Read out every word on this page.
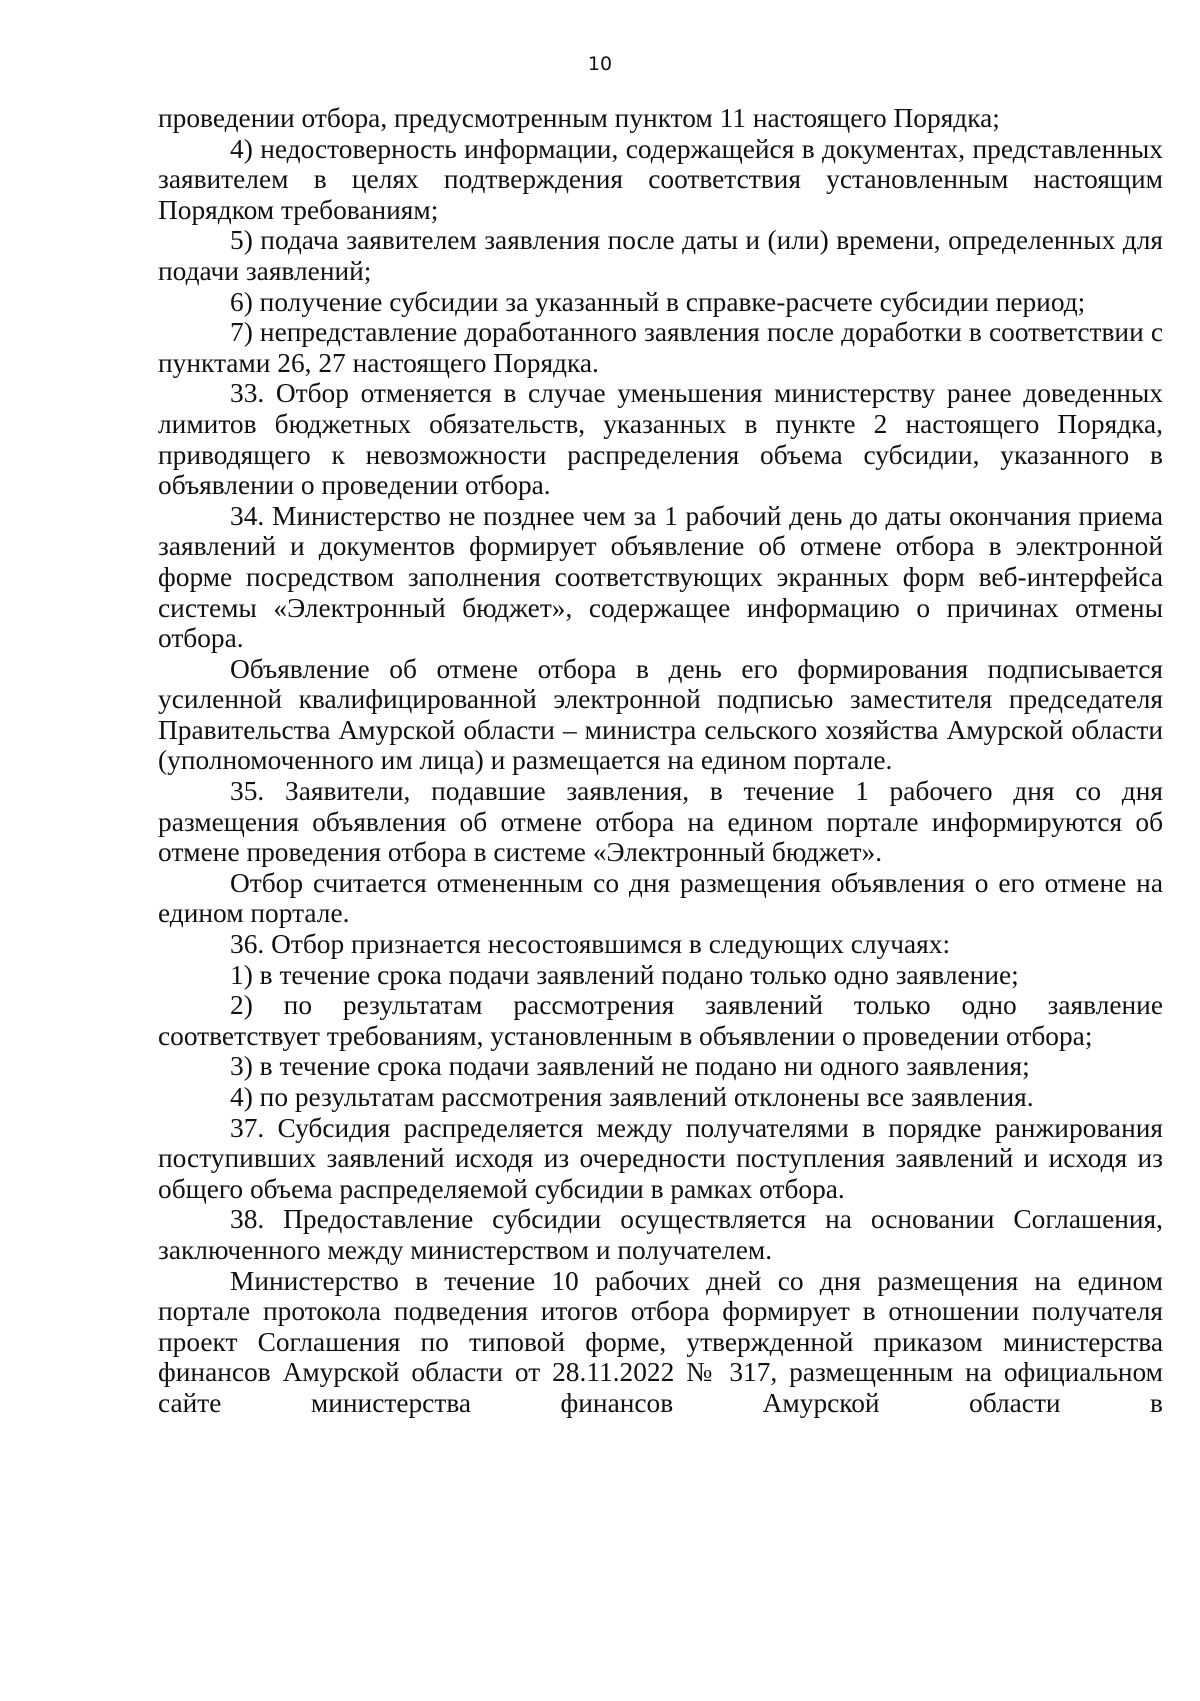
10

проведении отбора, предусмотренным пунктом 11 настоящего Порядка;

4) недостоверность информации, содержащейся в документах, представленных заявителем в целях подтверждения соответствия установленным настоящим Порядком требованиям;

5) подача заявителем заявления после даты и (или) времени, определенных для подачи заявлений;

6) получение субсидии за указанный в справке-расчете субсидии период;

7) непредставление доработанного заявления после доработки в соответствии с пунктами 26, 27 настоящего Порядка.

33. Отбор отменяется в случае уменьшения министерству ранее доведенных лимитов бюджетных обязательств, указанных в пункте 2 настоящего Порядка, приводящего к невозможности распределения объема субсидии, указанного в объявлении о проведении отбора.

34. Министерство не позднее чем за 1 рабочий день до даты окончания приема заявлений и документов формирует объявление об отмене отбора в электронной форме посредством заполнения соответствующих экранных форм веб-интерфейса системы «Электронный бюджет», содержащее информацию о причинах отмены отбора.

Объявление об отмене отбора в день его формирования подписывается усиленной квалифицированной электронной подписью заместителя председателя Правительства Амурской области – министра сельского хозяйства Амурской области (уполномоченного им лица) и размещается на едином портале.

35. Заявители, подавшие заявления, в течение 1 рабочего дня со дня размещения объявления об отмене отбора на едином портале информируются об отмене проведения отбора в системе «Электронный бюджет».

Отбор считается отмененным со дня размещения объявления о его отмене на едином портале.

36. Отбор признается несостоявшимся в следующих случаях:

1) в течение срока подачи заявлений подано только одно заявление;

2) по результатам рассмотрения заявлений только одно заявление соответствует требованиям, установленным в объявлении о проведении отбора;

3) в течение срока подачи заявлений не подано ни одного заявления;

4) по результатам рассмотрения заявлений отклонены все заявления.

37. Субсидия распределяется между получателями в порядке ранжирования поступивших заявлений исходя из очередности поступления заявлений и исходя из общего объема распределяемой субсидии в рамках отбора.

38. Предоставление субсидии осуществляется на основании Соглашения, заключенного между министерством и получателем.

Министерство в течение 10 рабочих дней со дня размещения на едином портале протокола подведения итогов отбора формирует в отношении получателя проект Соглашения по типовой форме, утвержденной приказом министерства финансов Амурской области от 28.11.2022 № 317, размещенным на официальном сайте министерства финансов Амурской области в
